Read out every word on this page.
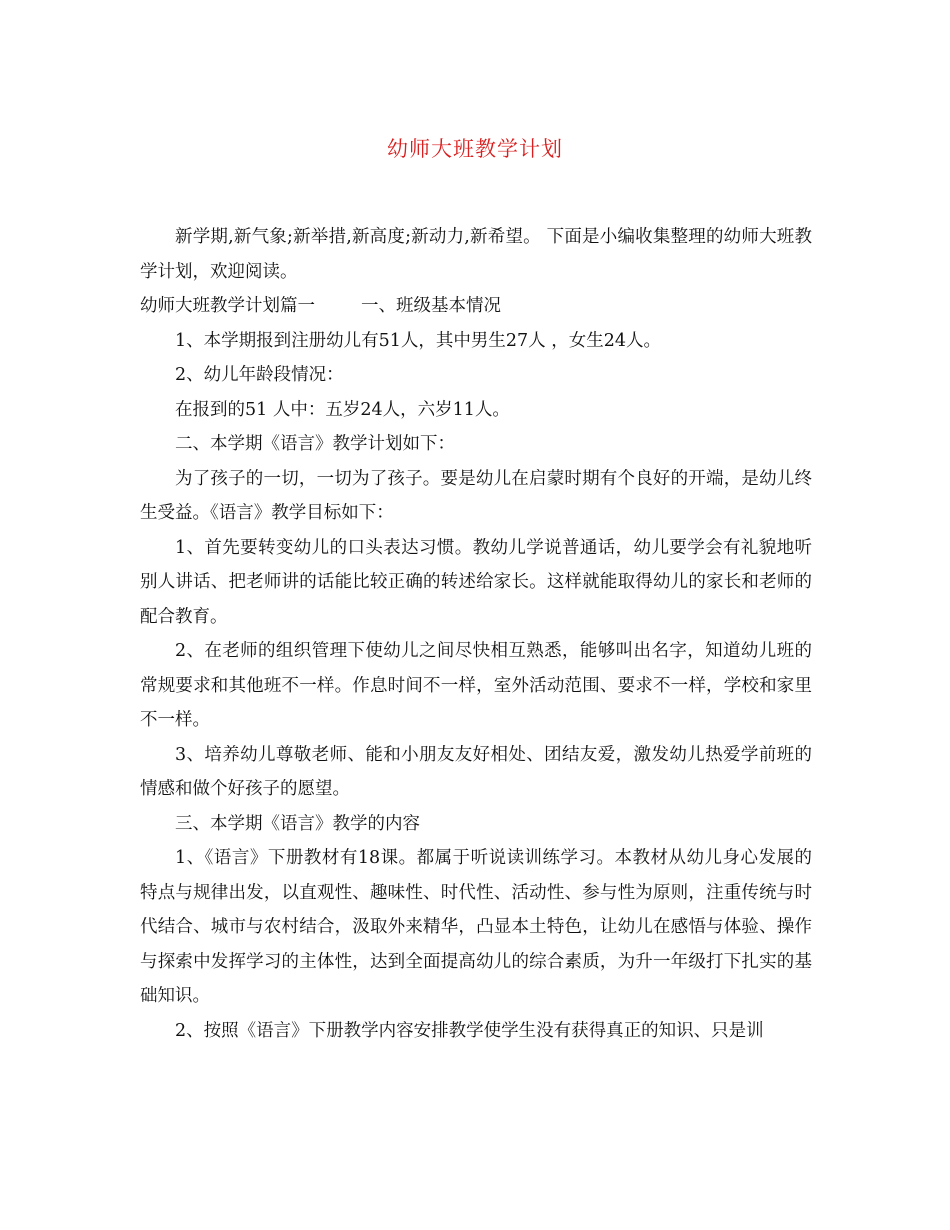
幼师大班教学计划

新学期,新气象;新举措,新高度;新动力,新希望。 下面是小编收集整理的幼师大班教学计划，欢迎阅读。

幼师大班教学计划篇一	一、班级基本情况

1、本学期报到注册幼儿有51人，其中男生27人 ，女生24人。

2、幼儿年龄段情况：

在报到的51 人中：五岁24人，六岁11人。

二、本学期《语言》教学计划如下：

为了孩子的一切，一切为了孩子。要是幼儿在启蒙时期有个良好的开端，是幼儿终生受益。《语言》教学目标如下：

1、首先要转变幼儿的口头表达习惯。教幼儿学说普通话，幼儿要学会有礼貌地听别人讲话、把老师讲的话能比较正确的转述给家长。这样就能取得幼儿的家长和老师的配合教育。

2、在老师的组织管理下使幼儿之间尽快相互熟悉，能够叫出名字，知道幼儿班的常规要求和其他班不一样。作息时间不一样，室外活动范围、要求不一样，学校和家里不一样。

3、培养幼儿尊敬老师、能和小朋友友好相处、团结友爱，激发幼儿热爱学前班的情感和做个好孩子的愿望。

三、本学期《语言》教学的内容

1、《语言》下册教材有18课。都属于听说读训练学习。本教材从幼儿身心发展的特点与规律出发，以直观性、趣味性、时代性、活动性、参与性为原则，注重传统与时代结合、城市与农村结合，汲取外来精华，凸显本土特色，让幼儿在感悟与体验、操作与探索中发挥学习的主体性，达到全面提高幼儿的综合素质，为升一年级打下扎实的基础知识。

2、按照《语言》下册教学内容安排教学使学生没有获得真正的知识、只是训
